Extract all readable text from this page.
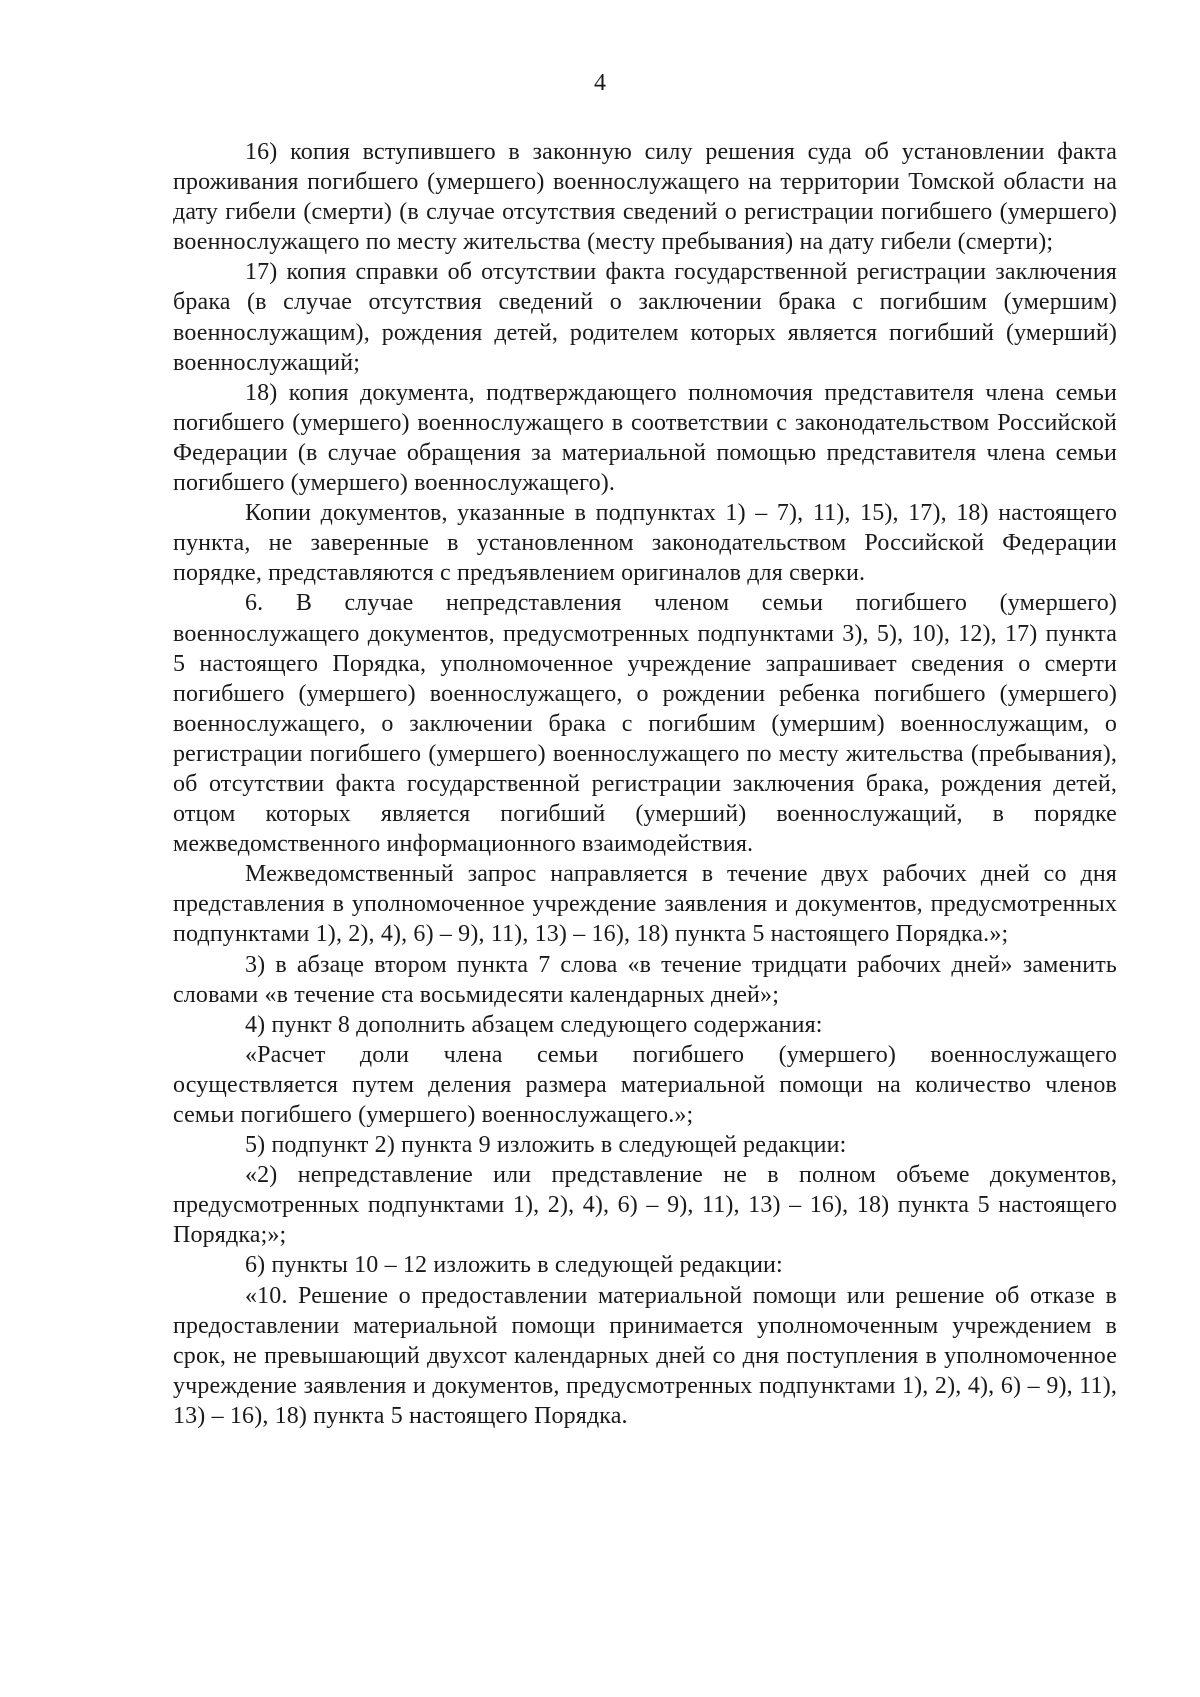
4

16) копия вступившего в законную силу решения суда об установлении факта проживания погибшего (умершего) военнослужащего на территории Томской области на дату гибели (смерти) (в случае отсутствия сведений о регистрации погибшего (умершего) военнослужащего по месту жительства (месту пребывания) на дату гибели (смерти);

17) копия справки об отсутствии факта государственной регистрации заключения брака (в случае отсутствия сведений о заключении брака с погибшим (умершим) военнослужащим), рождения детей, родителем которых является погибший (умерший) военнослужащий;

18) копия документа, подтверждающего полномочия представителя члена семьи погибшего (умершего) военнослужащего в соответствии с законодательством Российской Федерации (в случае обращения за материальной помощью представителя члена семьи погибшего (умершего) военнослужащего).

Копии документов, указанные в подпунктах 1) – 7), 11), 15), 17), 18) настоящего пункта, не заверенные в установленном законодательством Российской Федерации порядке, представляются с предъявлением оригиналов для сверки.

6. В случае непредставления членом семьи погибшего (умершего) военнослужащего документов, предусмотренных подпунктами 3), 5), 10), 12), 17) пункта 5 настоящего Порядка, уполномоченное учреждение запрашивает сведения о смерти погибшего (умершего) военнослужащего, о рождении ребенка погибшего (умершего) военнослужащего, о заключении брака с погибшим (умершим) военнослужащим, о регистрации погибшего (умершего) военнослужащего по месту жительства (пребывания), об отсутствии факта государственной регистрации заключения брака, рождения детей, отцом которых является погибший (умерший) военнослужащий, в порядке межведомственного информационного взаимодействия.

Межведомственный запрос направляется в течение двух рабочих дней со дня представления в уполномоченное учреждение заявления и документов, предусмотренных подпунктами 1), 2), 4), 6) – 9), 11), 13) – 16), 18) пункта 5 настоящего Порядка.»;

3) в абзаце втором пункта 7 слова «в течение тридцати рабочих дней» заменить словами «в течение ста восьмидесяти календарных дней»;

4) пункт 8 дополнить абзацем следующего содержания:

«Расчет доли члена семьи погибшего (умершего) военнослужащего осуществляется путем деления размера материальной помощи на количество членов семьи погибшего (умершего) военнослужащего.»;

5) подпункт 2) пункта 9 изложить в следующей редакции:

«2) непредставление или представление не в полном объеме документов, предусмотренных подпунктами 1), 2), 4), 6) – 9), 11), 13) – 16), 18) пункта 5 настоящего Порядка;»;

6) пункты 10 – 12 изложить в следующей редакции:

«10. Решение о предоставлении материальной помощи или решение об отказе в предоставлении материальной помощи принимается уполномоченным учреждением в срок, не превышающий двухсот календарных дней со дня поступления в уполномоченное учреждение заявления и документов, предусмотренных подпунктами 1), 2), 4), 6) – 9), 11), 13) – 16), 18) пункта 5 настоящего Порядка.
